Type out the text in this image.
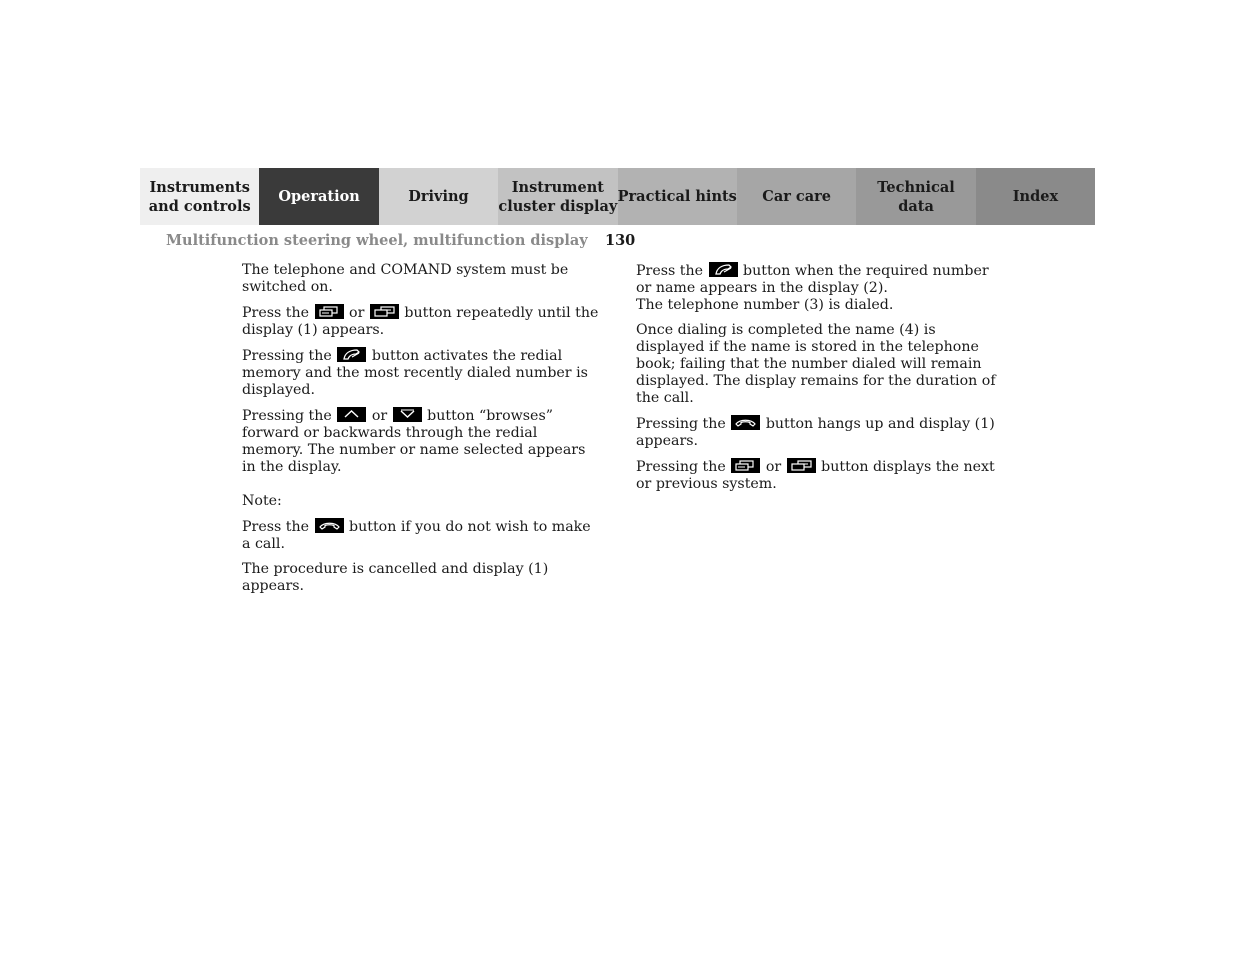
Instruments
and controls
Operation	Driving
Instrument
cluster display
Practical hints Car care
Technical
data
Index
Multifunction steering wheel, multifunction display 130

The telephone and COMAND system must be switched on.

Press the
or
button repeatedly until the display (1) appears.

Pressing the
button activates the redial memory and the most recently dialed number is displayed.

Pressing the
or
button “browses” forward or backwards through the redial memory. The number or name selected appears in the display.

Note:

Press the
button if you do not wish to make a call.

The procedure is cancelled and display (1) appears.

Press the
button when the required number or name appears in the display (2).
The telephone number (3) is dialed.

Once dialing is completed the name (4) is displayed if the name is stored in the telephone book; failing that the number dialed will remain displayed. The display remains for the duration of the call.

Pressing the
button hangs up and display (1) appears.

Pressing the
or
button displays the next or previous system.
